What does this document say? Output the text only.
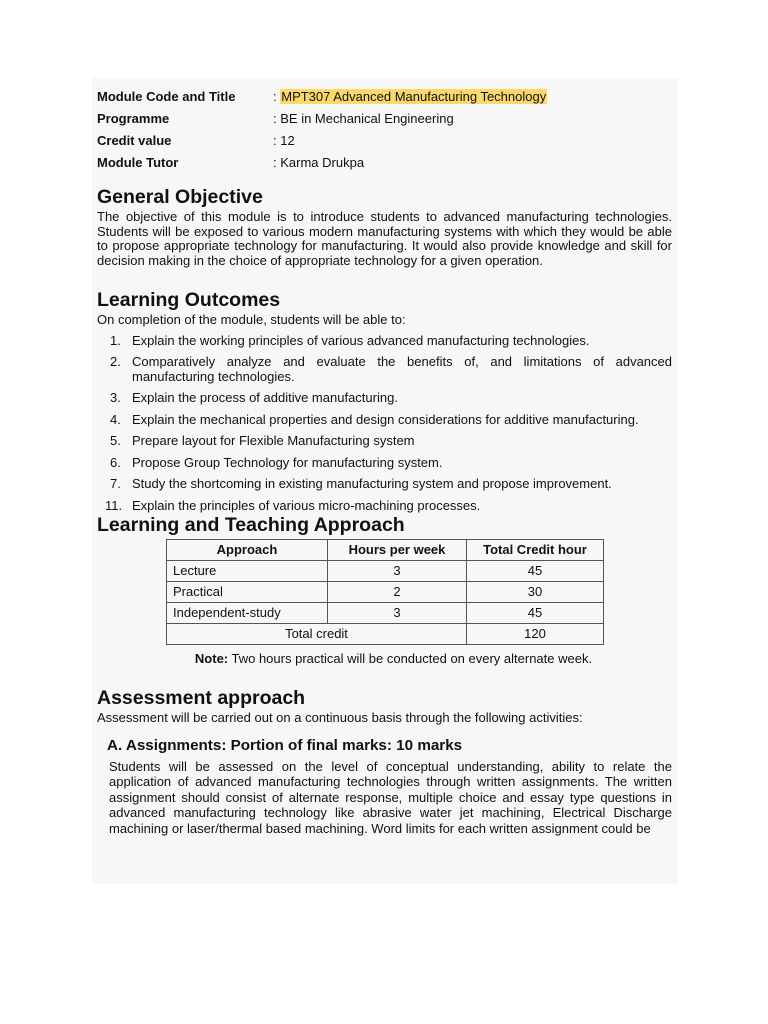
Module Code and Title	: MPT307 Advanced Manufacturing Technology
Programme	: BE in Mechanical Engineering
Credit value	: 12
Module Tutor	: Karma Drukpa
General Objective

The objective of this module is to introduce students to advanced manufacturing technologies. Students will be exposed to various modern manufacturing systems with which they would be able to propose appropriate technology for manufacturing. It would also provide knowledge and skill for decision making in the choice of appropriate technology for a given operation.

Learning Outcomes

On completion of the module, students will be able to:

1. Explain the working principles of various advanced manufacturing technologies.
2. Comparatively analyze and evaluate the benefits of, and limitations of advanced manufacturing technologies.
3. Explain the process of additive manufacturing.
4. Explain the mechanical properties and design considerations for additive manufacturing.
5. Prepare layout for Flexible Manufacturing system
6. Propose Group Technology for manufacturing system.
7. Study the shortcoming in existing manufacturing system and propose improvement.
11. Explain the principles of various micro-machining processes.
Learning and Teaching Approach
Approach	Hours per week	Total Credit hour
Lecture	3	45
Practical	2	30
Independent-study	3	45
Total credit		120

Note: Two hours practical will be conducted on every alternate week.

Assessment approach

Assessment will be carried out on a continuous basis through the following activities:

A. Assignments: Portion of final marks: 10 marks

Students will be assessed on the level of conceptual understanding, ability to relate the application of advanced manufacturing technologies through written assignments. The written assignment should consist of alternate response, multiple choice and essay type questions in advanced manufacturing technology like abrasive water jet machining, Electrical Discharge machining or laser/thermal based machining. Word limits for each written assignment could be
